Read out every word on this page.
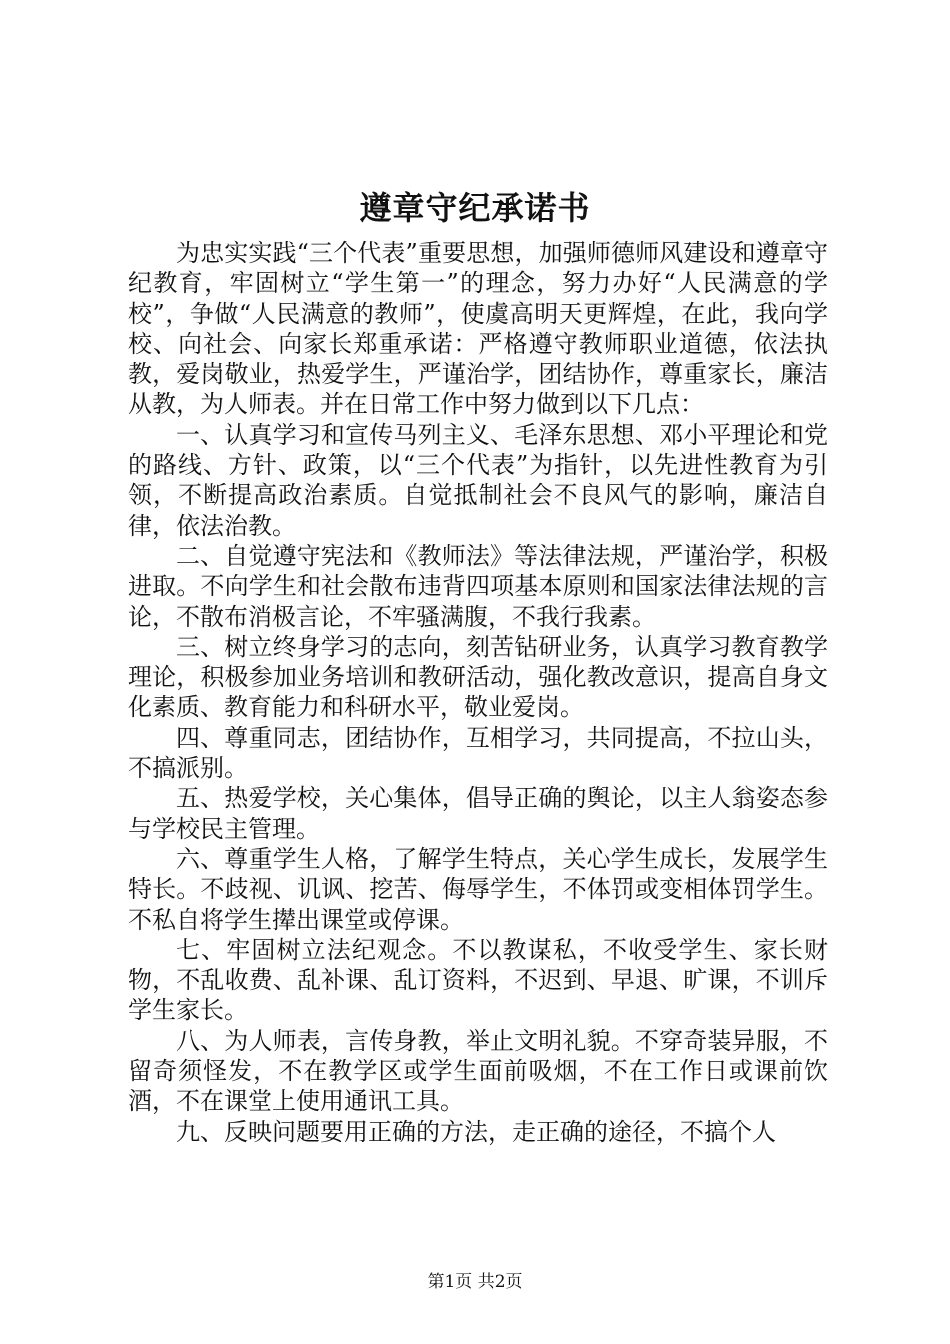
遵章守纪承诺书

为忠实实践“三个代表”重要思想，加强师德师风建设和遵章守纪教育，牢固树立“学生第一”的理念，努力办好“人民满意的学校”，争做“人民满意的教师”，使虞高明天更辉煌，在此，我向学校、向社会、向家长郑重承诺：严格遵守教师职业道德，依法执教，爱岗敬业，热爱学生，严谨治学，团结协作，尊重家长，廉洁从教，为人师表。并在日常工作中努力做到以下几点：

一、认真学习和宣传马列主义、毛泽东思想、邓小平理论和党的路线、方针、政策，以“三个代表”为指针，以先进性教育为引领，不断提高政治素质。自觉抵制社会不良风气的影响，廉洁自律，依法治教。

二、自觉遵守宪法和《教师法》等法律法规，严谨治学，积极进取。不向学生和社会散布违背四项基本原则和国家法律法规的言论，不散布消极言论，不牢骚满腹，不我行我素。

三、树立终身学习的志向，刻苦钻研业务，认真学习教育教学理论，积极参加业务培训和教研活动，强化教改意识，提高自身文化素质、教育能力和科研水平，敬业爱岗。

四、尊重同志，团结协作，互相学习，共同提高，不拉山头，不搞派别。

五、热爱学校，关心集体，倡导正确的舆论，以主人翁姿态参与学校民主管理。

六、尊重学生人格，了解学生特点，关心学生成长，发展学生特长。不歧视、讥讽、挖苦、侮辱学生，不体罚或变相体罚学生。不私自将学生撵出课堂或停课。

七、牢固树立法纪观念。不以教谋私，不收受学生、家长财物，不乱收费、乱补课、乱订资料，不迟到、早退、旷课，不训斥学生家长。

八、为人师表，言传身教，举止文明礼貌。不穿奇装异服，不留奇须怪发，不在教学区或学生面前吸烟，不在工作日或课前饮酒，不在课堂上使用通讯工具。

九、反映问题要用正确的方法，走正确的途径，不搞个人

第1页 共2页
